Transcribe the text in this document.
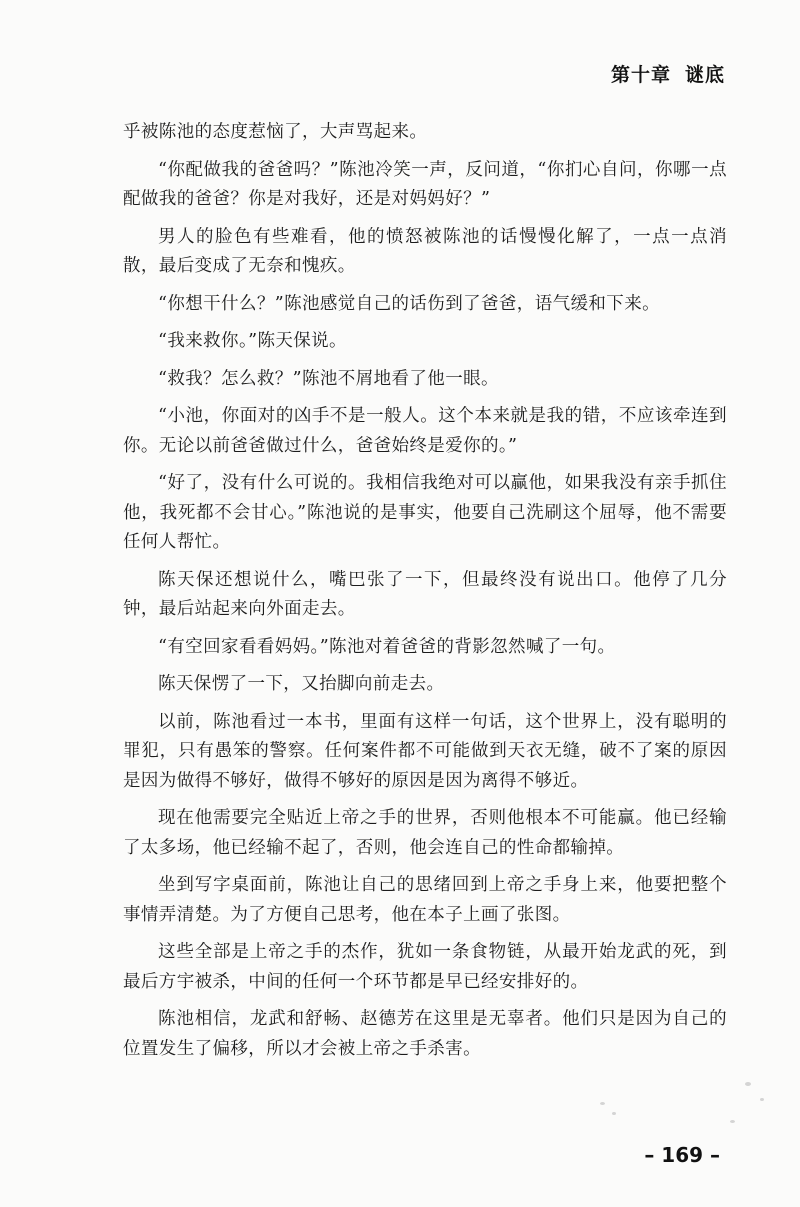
第十章 谜底

乎被陈池的态度惹恼了，大声骂起来。

“你配做我的爸爸吗？”陈池冷笑一声，反问道，“你扪心自问，你哪一点配做我的爸爸？你是对我好，还是对妈妈好？”

男人的脸色有些难看，他的愤怒被陈池的话慢慢化解了，一点一点消散，最后变成了无奈和愧疚。

“你想干什么？”陈池感觉自己的话伤到了爸爸，语气缓和下来。

“我来救你。”陈天保说。

“救我？怎么救？”陈池不屑地看了他一眼。

“小池，你面对的凶手不是一般人。这个本来就是我的错，不应该牵连到你。无论以前爸爸做过什么，爸爸始终是爱你的。”

“好了，没有什么可说的。我相信我绝对可以赢他，如果我没有亲手抓住他，我死都不会甘心。”陈池说的是事实，他要自己洗刷这个屈辱，他不需要任何人帮忙。

陈天保还想说什么，嘴巴张了一下，但最终没有说出口。他停了几分钟，最后站起来向外面走去。

“有空回家看看妈妈。”陈池对着爸爸的背影忽然喊了一句。

陈天保愣了一下，又抬脚向前走去。

以前，陈池看过一本书，里面有这样一句话，这个世界上，没有聪明的罪犯，只有愚笨的警察。任何案件都不可能做到天衣无缝，破不了案的原因是因为做得不够好，做得不够好的原因是因为离得不够近。

现在他需要完全贴近上帝之手的世界，否则他根本不可能赢。他已经输了太多场，他已经输不起了，否则，他会连自己的性命都输掉。

坐到写字桌面前，陈池让自己的思绪回到上帝之手身上来，他要把整个事情弄清楚。为了方便自己思考，他在本子上画了张图。

这些全部是上帝之手的杰作，犹如一条食物链，从最开始龙武的死，到最后方宇被杀，中间的任何一个环节都是早已经安排好的。

陈池相信，龙武和舒畅、赵德芳在这里是无辜者。他们只是因为自己的位置发生了偏移，所以才会被上帝之手杀害。

– 169 –
